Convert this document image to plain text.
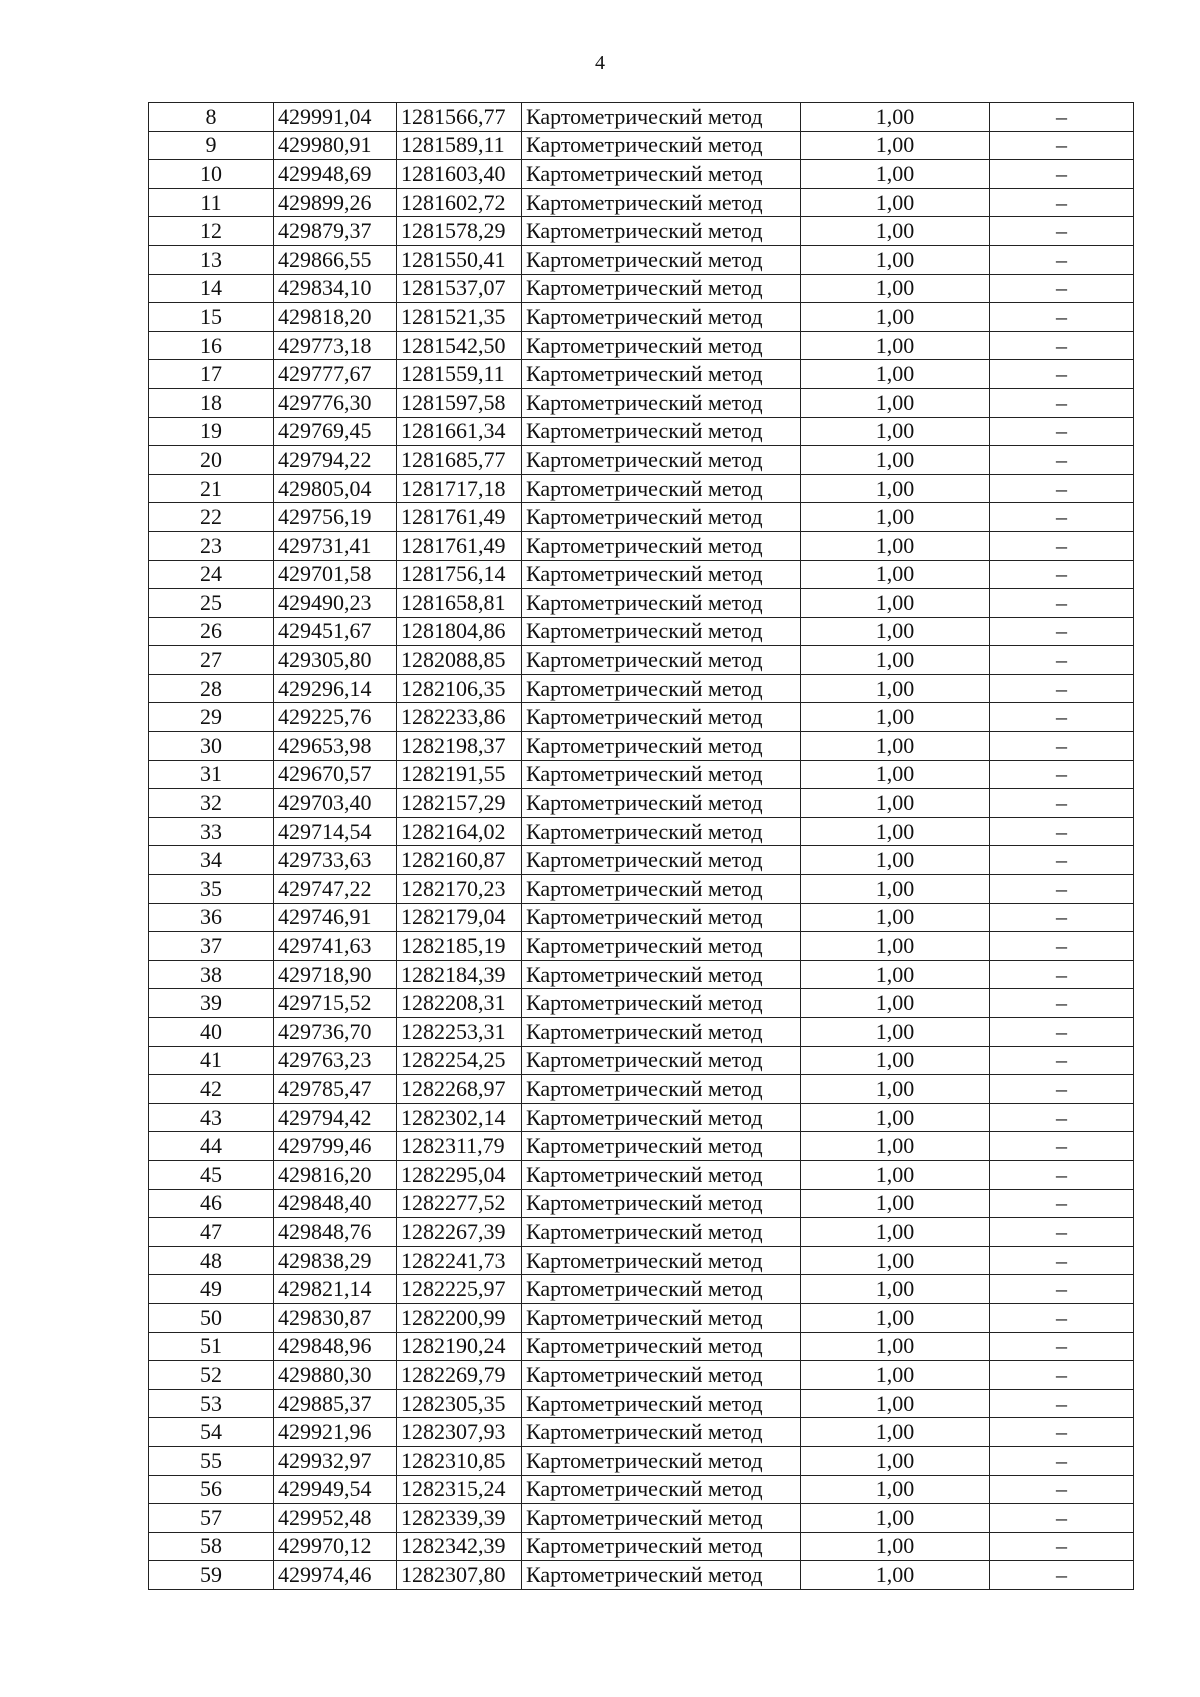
4
8	429991,04	1281566,77	Картометрический метод	1,00	–
9	429980,91	1281589,11	Картометрический метод	1,00	–
10	429948,69	1281603,40	Картометрический метод	1,00	–
11	429899,26	1281602,72	Картометрический метод	1,00	–
12	429879,37	1281578,29	Картометрический метод	1,00	–
13	429866,55	1281550,41	Картометрический метод	1,00	–
14	429834,10	1281537,07	Картометрический метод	1,00	–
15	429818,20	1281521,35	Картометрический метод	1,00	–
16	429773,18	1281542,50	Картометрический метод	1,00	–
17	429777,67	1281559,11	Картометрический метод	1,00	–
18	429776,30	1281597,58	Картометрический метод	1,00	–
19	429769,45	1281661,34	Картометрический метод	1,00	–
20	429794,22	1281685,77	Картометрический метод	1,00	–
21	429805,04	1281717,18	Картометрический метод	1,00	–
22	429756,19	1281761,49	Картометрический метод	1,00	–
23	429731,41	1281761,49	Картометрический метод	1,00	–
24	429701,58	1281756,14	Картометрический метод	1,00	–
25	429490,23	1281658,81	Картометрический метод	1,00	–
26	429451,67	1281804,86	Картометрический метод	1,00	–
27	429305,80	1282088,85	Картометрический метод	1,00	–
28	429296,14	1282106,35	Картометрический метод	1,00	–
29	429225,76	1282233,86	Картометрический метод	1,00	–
30	429653,98	1282198,37	Картометрический метод	1,00	–
31	429670,57	1282191,55	Картометрический метод	1,00	–
32	429703,40	1282157,29	Картометрический метод	1,00	–
33	429714,54	1282164,02	Картометрический метод	1,00	–
34	429733,63	1282160,87	Картометрический метод	1,00	–
35	429747,22	1282170,23	Картометрический метод	1,00	–
36	429746,91	1282179,04	Картометрический метод	1,00	–
37	429741,63	1282185,19	Картометрический метод	1,00	–
38	429718,90	1282184,39	Картометрический метод	1,00	–
39	429715,52	1282208,31	Картометрический метод	1,00	–
40	429736,70	1282253,31	Картометрический метод	1,00	–
41	429763,23	1282254,25	Картометрический метод	1,00	–
42	429785,47	1282268,97	Картометрический метод	1,00	–
43	429794,42	1282302,14	Картометрический метод	1,00	–
44	429799,46	1282311,79	Картометрический метод	1,00	–
45	429816,20	1282295,04	Картометрический метод	1,00	–
46	429848,40	1282277,52	Картометрический метод	1,00	–
47	429848,76	1282267,39	Картометрический метод	1,00	–
48	429838,29	1282241,73	Картометрический метод	1,00	–
49	429821,14	1282225,97	Картометрический метод	1,00	–
50	429830,87	1282200,99	Картометрический метод	1,00	–
51	429848,96	1282190,24	Картометрический метод	1,00	–
52	429880,30	1282269,79	Картометрический метод	1,00	–
53	429885,37	1282305,35	Картометрический метод	1,00	–
54	429921,96	1282307,93	Картометрический метод	1,00	–
55	429932,97	1282310,85	Картометрический метод	1,00	–
56	429949,54	1282315,24	Картометрический метод	1,00	–
57	429952,48	1282339,39	Картометрический метод	1,00	–
58	429970,12	1282342,39	Картометрический метод	1,00	–
59	429974,46	1282307,80	Картометрический метод	1,00	–
